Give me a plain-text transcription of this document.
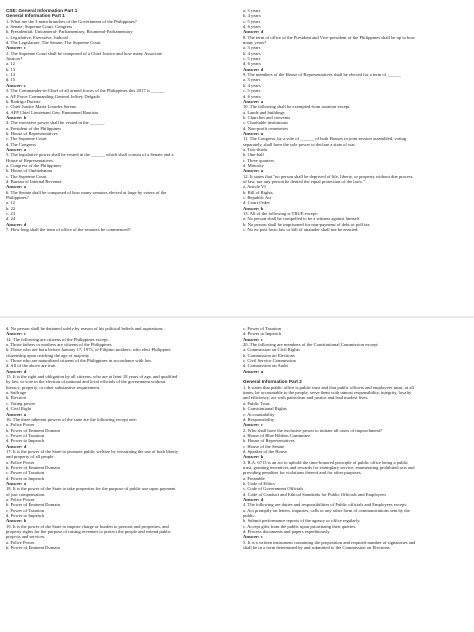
CSE: General Information Part 1

General Information Part 1

1. What are the 3 main branches of the Government of the Philippines?

a. Senate, Supreme Court, Congress

b. Presidential, Unicameral- Parliamentary, Bicameral-Parliamentary

c. Legislative, Executive, Judicial

d. The Legislature, The Senate, The Supreme Court

Answer: c

2. The Supreme Court shall be composed of a Chief Justice and how many Associate

Justices?

a. 12

b. 13

c. 14

d. 15

Answer: c

3. The Commander-in-Chief of all armed forces of the Philippines this 2017 is ______

a. AF Force Commanding General Jeffrey Delgado

b. Rodrigo Duterte

c. Chief Justice Maria Lourdes Sereno

d. AFP Chief Lieutenant Gen. Emmanuel Bautista

Answer: b

4. The executive power shall be vested in the ______.

a. President of the Philippines

b. House of Representatives

c. The Supreme Court

d. The Congress

Answer: a

5. The legislative power shall be vested in the ______ which shall consist of a Senate and a

House of Representatives.

a. Congress of the Philippines

b. House of Ombudsman

c. The Supreme Court

d. Bureau of Internal Revenue

Answer: a

6. The Senate shall be composed of how many senators elected at large by voters of the

Philippines?

a. 12

b. 22

c. 23

d. 24

Answer: d

7. How long shall the term of office of the senators be commenced?

a. 3 years

b. 4 years

c. 5 years

d. 6 years

Answer: d

8. The term of office of the President and Vice-president of the Philippines shall be up to how

many years?

a. 3 years

b. 4 years

c. 5 years

d. 6 years

Answer: d

9. The members of the House of Representatives shall be elected for a term of ______

a. 3 years

b. 4 years

c. 5 years

d. 6 years

Answer: a

10. The following shall be exempted from taxation except

a. Lands and buildings

b. Churches and convents

c. Charitable institutions

d. Non-profit cemeteries

Answer: a

11. The Congress, by a vote of ______ of both Houses in joint session assembled, voting

separately, shall have the sole power to declare a state of war.

a. Two-thirds

b. One-half

c. Three quarters

d. Minority

Answer: a

12. It states that "no person shall be deprived of life, liberty, or property without due process

of law, nor any person be denied the equal protection of the laws."

a. Article VI

b. Bill of Rights

c. Republic Act

d. Court Order

Answer: b

13. All of the following is TRUE except:

a. No person shall be compelled to be a witness against himself

b. No person shall be imprisoned for non-payment of debt or poll tax.

c. No ex post facto law or bill of attainder shall not be enacted.

d. No person shall be detained solely by reason of his political beliefs and aspirations.

Answer: c

14. The following are citizens of the Philippines except:

a. Those fathers or mothers are citizens of the Philippines

b. Those who are born before January 17, 1973, of Filipino mothers, who elect Philippine

citizenship upon reaching the age of majority

c. Those who are naturalized citizens of the Philippines in accordance with law.

d. All of the above are true.

Answer: d

15. It is the right and obligation by all citizens, who are at least 18 years of age, and qualified

by law, to vote in the election of national and local officials of the government without

literacy, property, or other substantive requirement.

a. Suffrage

b. Election

c. Voting power

d. Civil Right

Answer: a

16. The three inherent powers of the state are the following except one:

a. Police Power

b. Power of Eminent Domain

c. Power of Taxation

d. Power to Impeach

Answer: d

17. It is the power of the State to promote public welfare by restraining the use of both liberty

and property of all people.

a. Police Power

b. Power of Eminent Domain

c. Power of Taxation

d. Power to Impeach

Answer: a

18. It is the power of the State to take properties for the purpose of public use upon payment

of just compensation.

a. Police Power

b. Power of Eminent Domain

c. Power of Taxation

d. Power to Impeach

Answer: b

19. It is the power of the State to impose charge or burden to persons and properties, and

property rights for the purpose of raising revenues to protect the people and extend public

projects and services.

a. Police Power

b. Power of Eminent Domain

c. Power of Taxation

d. Power to Impeach

Answer: c

20. The following are members of the Constitutional Commission except:

a. Commission on Civil Rights

b. Commission on Elections

c. Civil Service Commission

d. Commission on Audit

Answer: a

General Information Part 2

1. It states that public office is public trust and that public officers and employees must, at all

times, be accountable to the people, serve them with utmost responsibility, integrity, loyalty

and efficiency, act with patriotism and justice and lead modest lives.

a. Public Trust

b. Constitutional Rights

c. Accountability

d. Responsibility

Answer: c

2. Who shall have the exclusive power to initiate all cases of impeachment?

a. House of Blue Ribbon Committee

b. House of Representatives

c. House of the Senate

d. Speaker of the House

Answer: b

3. R.A. 6713 is an act to uphold the time-honored principle of public office being a public

trust, granting incentives and rewards for exemplary service, enumerating prohibited acts and

providing penalties for violations thereof and for other purposes.

a. Preamble

b. Code of Ethics

c. Code of Government Officials

d. Code of Conduct and Ethical Standards for Public Officials and Employees

Answer: d

4. The following are duties and responsibilities of Public officials and Employees except:

a. Act promptly on letters, inquiries, calls or any other form of communications sent by the

public.

b. Submit performance reports of the agency or office regularly.

c. Accept gifts from the public upon prioritizing their queries.

d. Process documents and papers expeditiously.

Answer: c

5. It is a written instrument containing the proposition and required number of signatories and

shall be in a form determined by and submitted to the Commission on Elections.
